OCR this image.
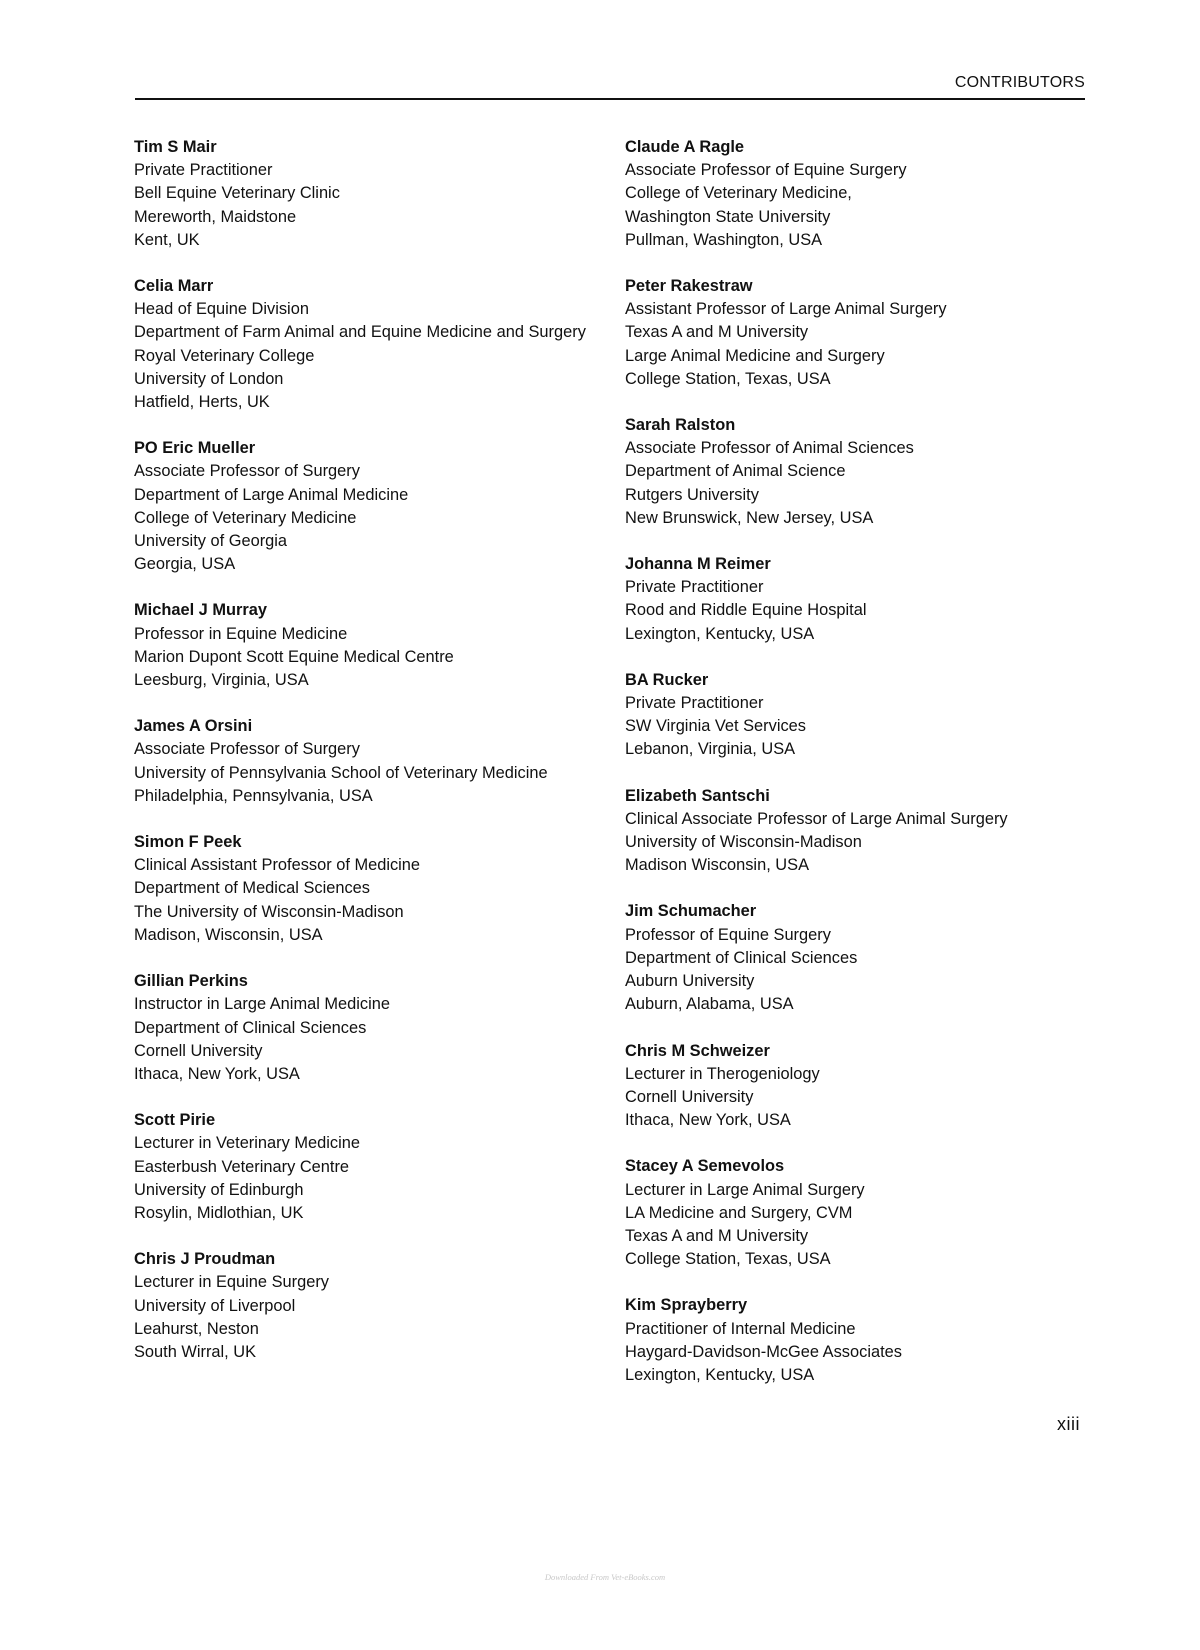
CONTRIBUTORS
Tim S Mair
Private Practitioner
Bell Equine Veterinary Clinic
Mereworth, Maidstone
Kent, UK
Celia Marr
Head of Equine Division
Department of Farm Animal and Equine Medicine and Surgery
Royal Veterinary College
University of London
Hatfield, Herts, UK
PO Eric Mueller
Associate Professor of Surgery
Department of Large Animal Medicine
College of Veterinary Medicine
University of Georgia
Georgia, USA
Michael J Murray
Professor in Equine Medicine
Marion Dupont Scott Equine Medical Centre
Leesburg, Virginia, USA
James A Orsini
Associate Professor of Surgery
University of Pennsylvania School of Veterinary Medicine
Philadelphia, Pennsylvania, USA
Simon F Peek
Clinical Assistant Professor of Medicine
Department of Medical Sciences
The University of Wisconsin-Madison
Madison, Wisconsin, USA
Gillian Perkins
Instructor in Large Animal Medicine
Department of Clinical Sciences
Cornell University
Ithaca, New York, USA
Scott Pirie
Lecturer in Veterinary Medicine
Easterbush Veterinary Centre
University of Edinburgh
Rosylin, Midlothian, UK
Chris J Proudman
Lecturer in Equine Surgery
University of Liverpool
Leahurst, Neston
South Wirral, UK
Claude A Ragle
Associate Professor of Equine Surgery
College of Veterinary Medicine,
Washington State University
Pullman, Washington, USA
Peter Rakestraw
Assistant Professor of Large Animal Surgery
Texas A and M University
Large Animal Medicine and Surgery
College Station, Texas, USA
Sarah Ralston
Associate Professor of Animal Sciences
Department of Animal Science
Rutgers University
New Brunswick, New Jersey, USA
Johanna M Reimer
Private Practitioner
Rood and Riddle Equine Hospital
Lexington, Kentucky, USA
BA Rucker
Private Practitioner
SW Virginia Vet Services
Lebanon, Virginia, USA
Elizabeth Santschi
Clinical Associate Professor of Large Animal Surgery
University of Wisconsin-Madison
Madison Wisconsin, USA
Jim Schumacher
Professor of Equine Surgery
Department of Clinical Sciences
Auburn University
Auburn, Alabama, USA
Chris M Schweizer
Lecturer in Therogeniology
Cornell University
Ithaca, New York, USA
Stacey A Semevolos
Lecturer in Large Animal Surgery
LA Medicine and Surgery, CVM
Texas A and M University
College Station, Texas, USA
Kim Sprayberry
Practitioner of Internal Medicine
Haygard-Davidson-McGee Associates
Lexington, Kentucky, USA
xiii
Downloaded From Vet-eBooks.com
